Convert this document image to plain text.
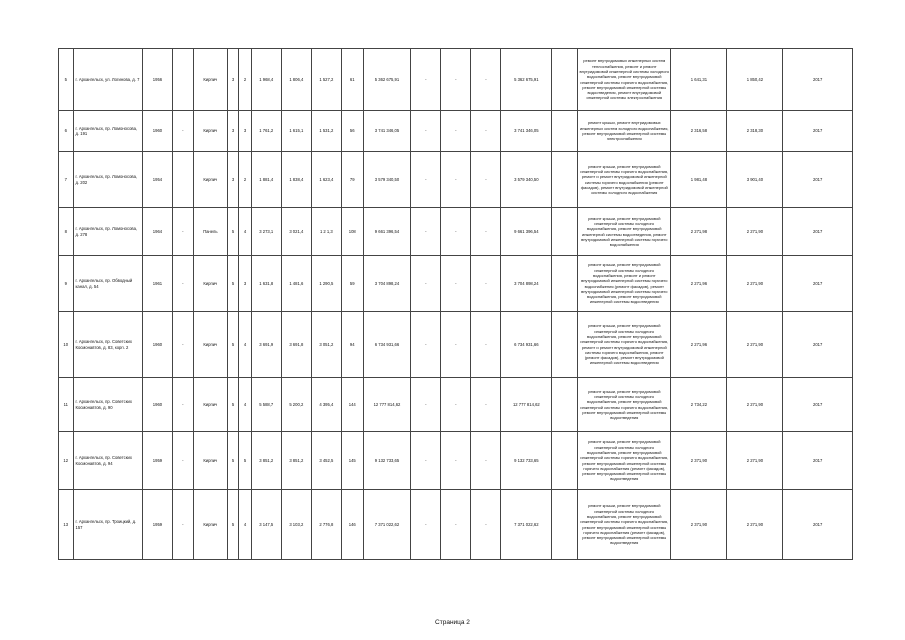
5	г. Архангельск, ул. Логинова, д. 7	1956		Кирпич	3	2	1 968,4	1 806,4	1 527,2	61	5 362 675,91	-	-	-	5 362 675,91		ремонт внутридомовых инженерных систем теплоснабжения, ремонт и ремонт внутридомовой инженерной системы холодного водоснабжения, ремонт внутридомовой инженерной системы горячего водоснабжения, ремонт внутридомовой инженерной системы водоотведения, ремонт внутридомовой инженерной системы электроснабжения	1 641,31	1 850,42	2017
6	г. Архангельск, пр. Ломоносова, д. 191	1960	-	Кирпич	3	3	1 761,2	1 615,1	1 531,2	56	3 741 346,05	-	-	-	3 741 346,05		ремонт крыши, ремонт внутридомовых инженерных систем холодного водоснабжения, ремонт внутридомовой инженерной системы электроснабжения	2 316,58	2 318,30	2017
7	г. Архангельск, пр. Ломоносова, д. 202	1954		Кирпич	3	2	1 881,4	1 838,4	1 623,4	79	3 579 340,50	-	-	-	3 579 340,50		ремонт крыши, ремонт внутридомовой инженерной системы горячего водоснабжения, ремонт и ремонт внутридомовой инженерной системы горячего водоснабжения (ремонт фасадов), ремонт внутридомовой инженерной системы холодного водоснабжения	1 981,48	3 901,40	2017
8	г. Архангельск, пр. Ломоносова, д. 278	1964	-	Панель	5	4	3 273,1	3 021,4	1 2 1,3	108	9 661 396,54	-	-	-	9 661 396,54		ремонт крыши, ремонт внутридомовой инженерной системы холодного водоснабжения, ремонт внутридомовой инженерной системы водоотведения, ремонт внутридомовой инженерной системы горячего водоснабжения	2 271,98	2 271,90	2017
9	г. Архангельск, пр. Обводный канал, д. 54	1961	-	Кирпич	5	3	1 631,8	1 481,6	1 290,5	59	3 704 898,24	-	-	-	3 704 898,24		ремонт крыши, ремонт внутридомовой инженерной системы холодного водоснабжения, ремонт и ремонт внутридомовой инженерной системы горячего водоснабжения (ремонт фасадов), ремонт внутридомовой инженерной системы горячего водоснабжения, ремонт внутридомовой инженерной системы водоотведения	2 271,96	2 271,90	2017
10	г. Архангельск, пр. Советских Космонавтов, д. 83, корп. 2	1960	-	Кирпич	5	4	3 691,9	3 691,8	3 051,2	94	6 734 931,66	-	-	-	6 734 931,66		ремонт крыши, ремонт внутридомовой инженерной системы холодного водоснабжения, ремонт внутридомовой инженерной системы горячего водоснабжения, ремонт и ремонт внутридомовой инженерной системы горячего водоснабжения, ремонт (ремонт фасадов), ремонт внутридомовой инженерной системы водоотведения	2 271,96	2 271,90	2017
11	г. Архангельск, пр. Советских Космонавтов, д. 90	1960	-	Кирпич	5	4	5 588,7	5 200,2	4 395,4	144	12 777 814,62	-	-	-	12 777 814,62		ремонт крыши, ремонт внутридомовой инженерной системы холодного водоснабжения, ремонт внутридомовой инженерной системы горячего водоснабжения, ремонт внутридомовой инженерной системы водоотведения	2 734,22	2 271,90	2017
12	г. Архангельск, пр. Советских Космонавтов, д. 94	1959	-	Кирпич	5	5	3 851,2	3 851,2	3 452,5	145	9 132 733,65	-	-	-	9 132 733,65		ремонт крыши, ремонт внутридомовой инженерной системы холодного водоснабжения, ремонт внутридомовой инженерной системы горячего водоснабжения, ремонт внутридомовой инженерной системы горячего водоснабжения (ремонт фасадов), ремонт внутридомовой инженерной системы водоотведения	2 371,90	2 271,90	2017
13	г. Архангельск, пр. Троицкий, д. 157	1959	-	Кирпич	5	4	3 147,5	3 103,2	2 776,8	146	7 371 022,62	-	-	-	7 371 022,62		ремонт крыши, ремонт внутридомовой инженерной системы холодного водоснабжения, ремонт внутридомовой инженерной системы горячего водоснабжения, ремонт внутридомовой инженерной системы горячего водоснабжения (ремонт фасадов), ремонт внутридомовой инженерной системы водоотведения	2 371,90	2 271,90	2017
Страница 2
